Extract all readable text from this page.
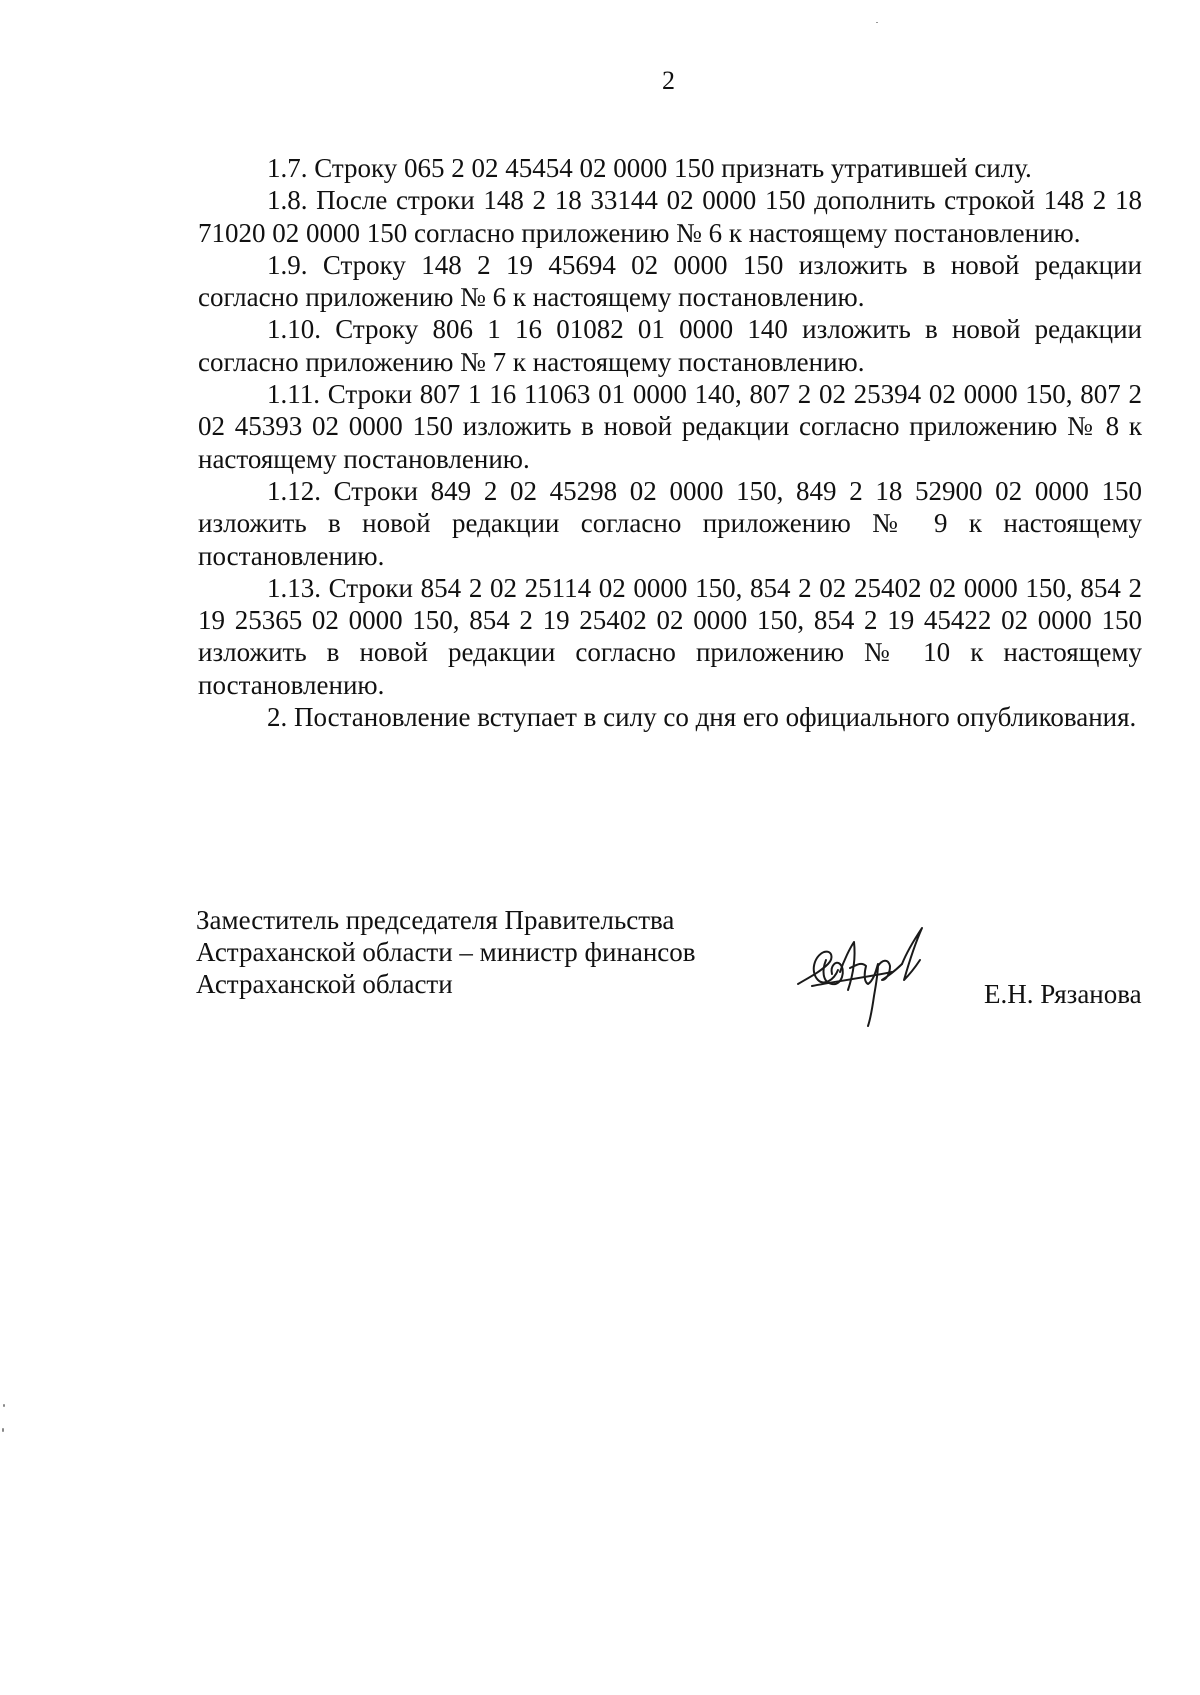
2

1.7. Строку 065 2 02 45454 02 0000 150 признать утратившей силу.

1.8. После строки 148 2 18 33144 02 0000 150 дополнить строкой 148 2 18 71020 02 0000 150 согласно приложению № 6 к настоящему постановлению.

1.9. Строку 148 2 19 45694 02 0000 150 изложить в новой редакции согласно приложению № 6 к настоящему постановлению.

1.10. Строку 806 1 16 01082 01 0000 140 изложить в новой редакции согласно приложению № 7 к настоящему постановлению.

1.11. Строки 807 1 16 11063 01 0000 140, 807 2 02 25394 02 0000 150, 807 2 02 45393 02 0000 150 изложить в новой редакции согласно приложению № 8 к настоящему постановлению.

1.12. Строки 849 2 02 45298 02 0000 150, 849 2 18 52900 02 0000 150 изложить в новой редакции согласно приложению № 9 к настоящему постановлению.

1.13. Строки 854 2 02 25114 02 0000 150, 854 2 02 25402 02 0000 150, 854 2 19 25365 02 0000 150, 854 2 19 25402 02 0000 150, 854 2 19 45422 02 0000 150 изложить в новой редакции согласно приложению № 10 к настоящему постановлению.

2. Постановление вступает в силу со дня его официального опубликования.

Заместитель председателя Правительства
Астраханской области – министр финансов
Астраханской области	Е.Н. Рязанова
